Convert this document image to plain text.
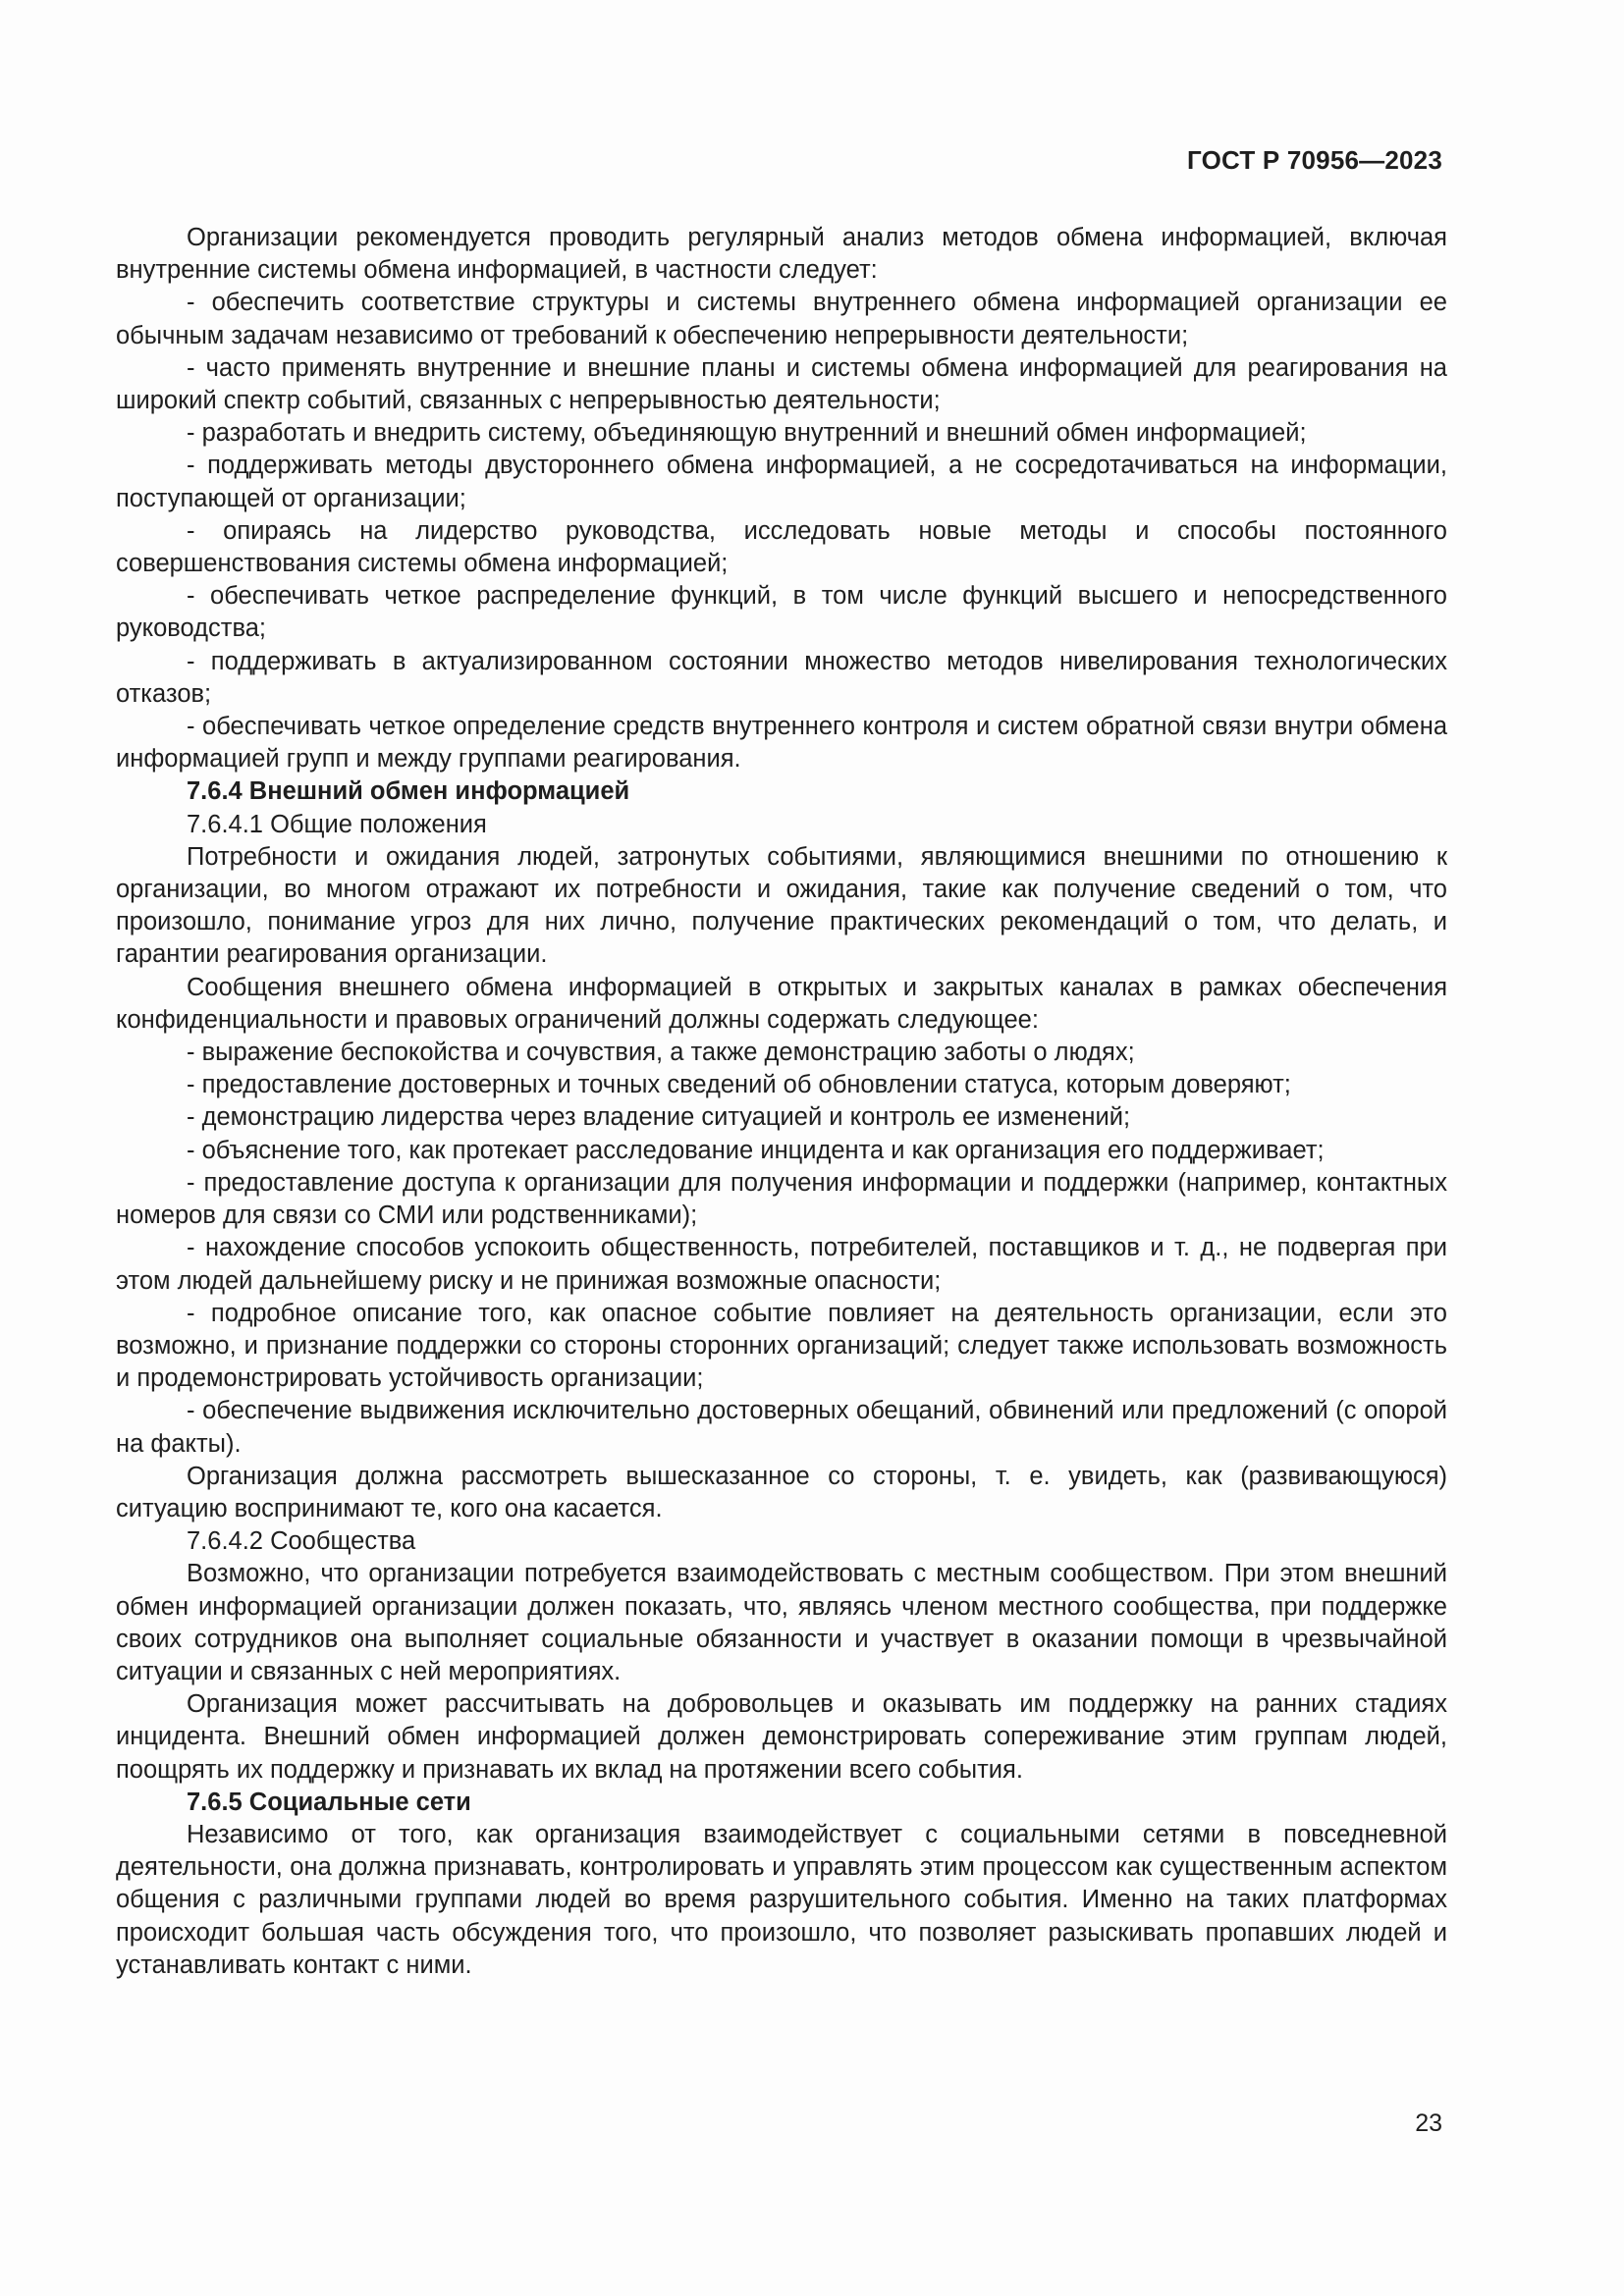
ГОСТ Р 70956—2023

Организации рекомендуется проводить регулярный анализ методов обмена информацией, включая внутренние системы обмена информацией, в частности следует:

- обеспечить соответствие структуры и системы внутреннего обмена информацией организации ее обычным задачам независимо от требований к обеспечению непрерывности деятельности;

- часто применять внутренние и внешние планы и системы обмена информацией для реагирования на широкий спектр событий, связанных с непрерывностью деятельности;

- разработать и внедрить систему, объединяющую внутренний и внешний обмен информацией;

- поддерживать методы двустороннего обмена информацией, а не сосредотачиваться на информации, поступающей от организации;

- опираясь на лидерство руководства, исследовать новые методы и способы постоянного совершенствования системы обмена информацией;

- обеспечивать четкое распределение функций, в том числе функций высшего и непосредственного руководства;

- поддерживать в актуализированном состоянии множество методов нивелирования технологических отказов;

- обеспечивать четкое определение средств внутреннего контроля и систем обратной связи внутри обмена информацией групп и между группами реагирования.

7.6.4 Внешний обмен информацией

7.6.4.1 Общие положения

Потребности и ожидания людей, затронутых событиями, являющимися внешними по отношению к организации, во многом отражают их потребности и ожидания, такие как получение сведений о том, что произошло, понимание угроз для них лично, получение практических рекомендаций о том, что делать, и гарантии реагирования организации.

Сообщения внешнего обмена информацией в открытых и закрытых каналах в рамках обеспечения конфиденциальности и правовых ограничений должны содержать следующее:

- выражение беспокойства и сочувствия, а также демонстрацию заботы о людях;

- предоставление достоверных и точных сведений об обновлении статуса, которым доверяют;

- демонстрацию лидерства через владение ситуацией и контроль ее изменений;

- объяснение того, как протекает расследование инцидента и как организация его поддерживает;

- предоставление доступа к организации для получения информации и поддержки (например, контактных номеров для связи со СМИ или родственниками);

- нахождение способов успокоить общественность, потребителей, поставщиков и т. д., не подвергая при этом людей дальнейшему риску и не принижая возможные опасности;

- подробное описание того, как опасное событие повлияет на деятельность организации, если это возможно, и признание поддержки со стороны сторонних организаций; следует также использовать возможность и продемонстрировать устойчивость организации;

- обеспечение выдвижения исключительно достоверных обещаний, обвинений или предложений (с опорой на факты).

Организация должна рассмотреть вышесказанное со стороны, т. е. увидеть, как (развивающуюся) ситуацию воспринимают те, кого она касается.

7.6.4.2 Сообщества

Возможно, что организации потребуется взаимодействовать с местным сообществом. При этом внешний обмен информацией организации должен показать, что, являясь членом местного сообщества, при поддержке своих сотрудников она выполняет социальные обязанности и участвует в оказании помощи в чрезвычайной ситуации и связанных с ней мероприятиях.

Организация может рассчитывать на добровольцев и оказывать им поддержку на ранних стадиях инцидента. Внешний обмен информацией должен демонстрировать сопереживание этим группам людей, поощрять их поддержку и признавать их вклад на протяжении всего события.

7.6.5 Социальные сети

Независимо от того, как организация взаимодействует с социальными сетями в повседневной деятельности, она должна признавать, контролировать и управлять этим процессом как существенным аспектом общения с различными группами людей во время разрушительного события. Именно на таких платформах происходит большая часть обсуждения того, что произошло, что позволяет разыскивать пропавших людей и устанавливать контакт с ними.

23
